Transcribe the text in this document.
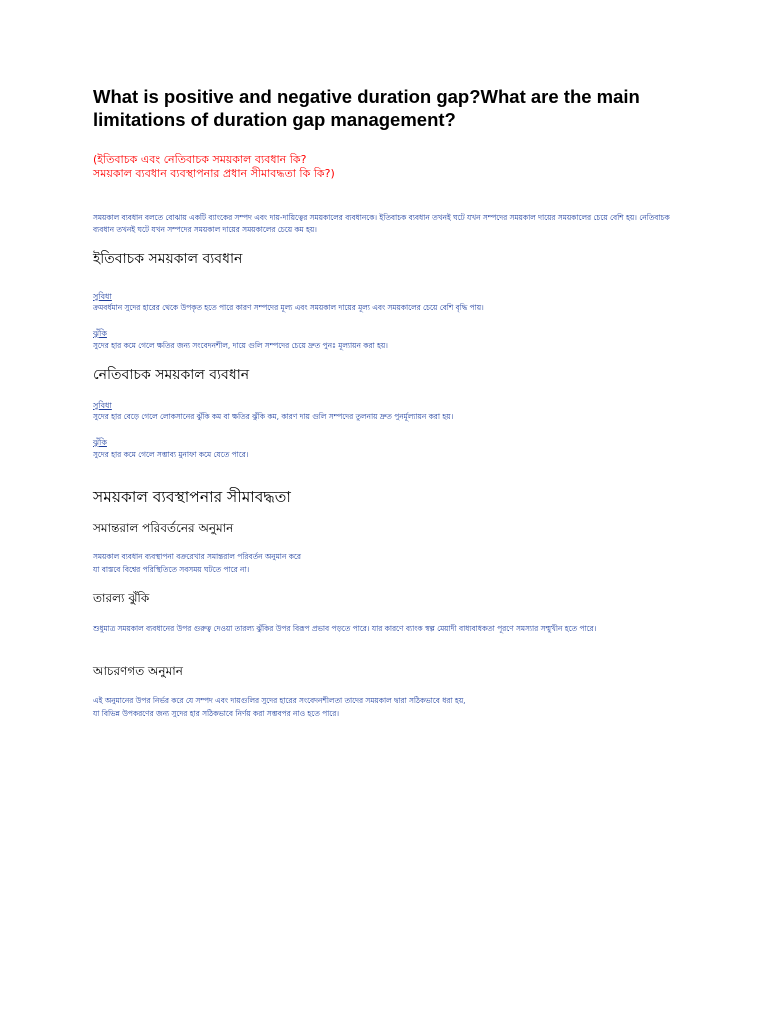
What is positive and negative duration gap?What are the main limitations of duration gap management?

(ইতিবাচক এবং নেতিবাচক সময়কাল ব্যবধান কি?

সময়কাল ব্যবধান ব্যবস্থাপনার প্রধান সীমাবদ্ধতা কি কি?)

সময়কাল ব্যবধান বলতে বোঝায় একটি ব্যাংকের সম্পদ এবং দায়-দায়িত্বের সময়কালের ব্যবধানকে। ইতিবাচক ব্যবধান তখনই ঘটে যখন সম্পদের সময়কাল দায়ের সময়কালের চেয়ে বেশি হয়। নেতিবাচক ব্যবধান তখনই ঘটে যখন সম্পদের সময়কাল দায়ের সময়কালের চেয়ে কম হয়।

ইতিবাচক সময়কাল ব্যবধান

সুবিধা

ক্রমবর্ধমান সুদের হারের থেকে উপকৃত হতে পারে কারণ সম্পদের মূল্য এবং সময়কাল দায়ের মূল্য এবং সময়কালের চেয়ে বেশি বৃদ্ধি পায়।

ঝুঁকি

সুদের হার কমে গেলে ক্ষতির জন্য সংবেদনশীল, দায়ে গুলি সম্পদের চেয়ে দ্রুত পুনঃ মূল্যায়ন করা হয়।

নেতিবাচক সময়কাল ব্যবধান

সুবিধা

সুদের হার বেড়ে গেলে লোকসানের ঝুঁকি কম বা ক্ষতির ঝুঁকি কম, কারণ দায় গুলি সম্পদের তুলনায় দ্রুত পুনর্মূল্যায়ন করা হয়।

ঝুঁকি

সুদের হার কমে গেলে সম্ভাব্য মুনাফা কমে যেতে পারে।

সময়কাল ব্যবস্থাপনার সীমাবদ্ধতা
সমান্তরাল পরিবর্তনের অনুমান

সময়কাল ব্যবধান ব্যবস্থাপনা বক্ররেখার সমান্তরাল পরিবর্তন অনুমান করে

যা বাস্তবে বিশ্বের পরিস্থিতিতে সবসময় ঘটতে পারে না।

তারল্য ঝুঁকি

শুধুমাত্র সময়কাল ব্যবধানের উপর গুরুত্ব দেওয়া তারল্য ঝুঁকির উপর বিরূপ প্রভাব পড়তে পারে। যার কারণে ব্যাংক স্বল্প মেয়াদী বাধ্যবাধকতা পূরণে সমস্যার সম্মুখীন হতে পারে।

আচরণগত অনুমান

এই অনুমানের উপর নির্ভর করে যে সম্পদ এবং দায়গুলির সুদের হারের সংবেদনশীলতা তাদের সময়কাল দ্বারা সঠিকভাবে ধরা হয়,

যা বিভিন্ন উপকরণের জন্য সুদের হার সঠিকভাবে নির্ণয় করা সম্ভবপর নাও হতে পারে।
